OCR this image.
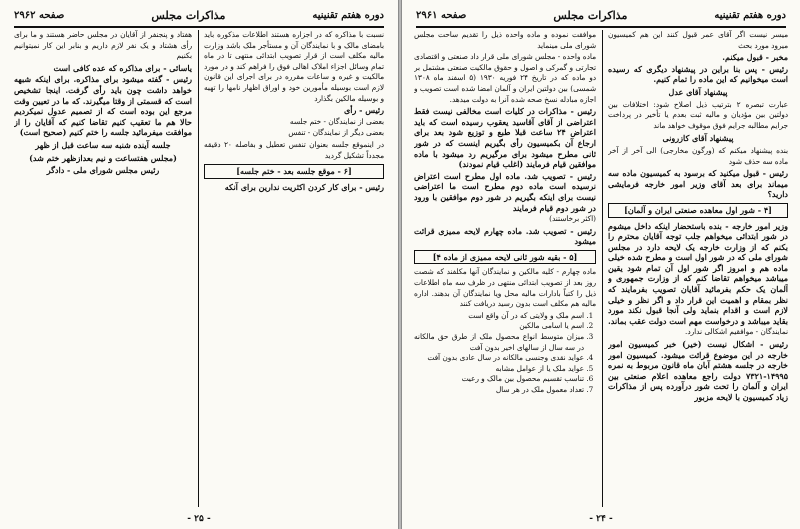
دوره هفتم تقنینیه
مذاکرات مجلس
صفحه ۲۹۶۲

نسبت با مذاکره که در اجزاره هستند اطلاعات مذکوره باید بامضای مالک و با نمایندگان آن و مستأجر ملک باشد وزارت مالیه مکلف است از قرار تصویب ابتدائی منتهی تا در ماه تمام وسائل اجزاء املاک اهالی فوق را فراهم کند و در مورد مالکیت و غیره و ساعات مقرره در برای اجرای این قانون لازم است بوسیله مأمورین خود و اوراق اظهار نامها را تهیه و بوسیله مالکین بگذارد

رئیس - رأی

بعضی از نمایندگان - ختم جلسه

بعضی دیگر از نمایندگان - تنفس

در اینموقع جلسه بعنوان تنفس تعطیل و بفاصله ۲۰ دقیقه مجدداً تشکیل گردید

[۶ - موقع جلسه بعد - ختم جلسه]

رئیس - برای کار کردن اکثریت ندارین برای آنکه

هفتاد و پنجنفر از آقایان در مجلس حاضر هستند و ما برای رأی هشتاد و یک نفر لازم داریم و بنابر این کار نمیتوانیم بکنیم

یاسائی - برای مذاکره که عده کافی است

رئیس - گفته میشود برای مذاکره. برای اینکه شبهه خواهد داشت چون باید رأی گرفت. اینجا تشخیص است که قسمتی از وقتا میگیرند. که ما در تعیین وقت مرجع این بوده است که از تصمیم عدول نمیکردیم حالا هم ما تعقیب کنیم تقاضا کنیم که آقایان را از موافقت میفرمائید جلسه را ختم کنیم (صحیح است)

جلسه آینده شنبه سه ساعت قبل از ظهر

(مجلس هفتساعت و نیم بعدازظهر ختم شد)

رئیس مجلس شورای ملی - دادگر

- ۲۵ -
دوره هفتم تقنینیه
مذاکرات مجلس
صفحه ۲۹۶۱

میسر نیست اگر آقای عمر قبول کنند این هم کمیسیون میرود مورد بحث

مخبر - قبول میکنم.

رئیس - پس بنا براین در پیشنهاد دیگری که رسیده است میخوانیم که این ماده را تمام کنیم.

پیشنهاد آقای عدل

عبارت تبصره ۲ بترتیب ذیل اصلاح شود: اختلافات بین دولتین بین مؤدیان و مالیه ثبت بعدم یا تأخیر در پرداخت جرایم مطالبه جرایم فوق موقوف خواهد ماند

پیشنهاد آقای کازرونی

بنده پیشنهاد میکنم که (ورگون مخارجی) الی آخر از آخر ماده سه حذف شود

رئیس - قبول میکنید که برسود به کمیسیون ماده سه میماند برای بعد آقای وزیر امور خارجه فرمایشی دارید؟

[۴ - شور اول معاهده صنعتی ایران و آلمان]

وزیر امور خارجه - بنده باستحضار اینکه داخل میشوم در شور ابتدائی میخواهم جلب توجه آقایان محترم را بکنم که از وزارت خارجه یک لایحه دارد در مجلس شورای ملی که در شور اول است و مطرح شده خیلی ماده هم و امروز اگر شور اول آن تمام شود یقین میباشد میخواهم تقاضا کنم که از وزارت جمهوری و آلمان یک حکم بفرمائید آقایان تصویب بفرمایند که نظر بمقام و اهمیت این قرار داد و اگر نظر و خیلی لازم است و اقدام بنماید ولی آنجا قبول نکند مورد بقاید میباشد و درخواست مهم است دولت عقب بماند.

نمایندگان - موافقیم اشکالی ندارد.

رئیس - اشکال نیست (خیر) خبر کمیسیون امور خارجه در این موضوع قرائت میشود. کمیسیون امور خارجه در جلسه هشتم آبان ماه قانون مربوط به نمره ۱۴۹۹۵-۷۳۲۱ دولت راجع معاهده اعلام صنعتی بین ایران و آلمان را تحت شور درآورده پس از مذاکرات زیاد کمیسیون با لایحه مزبور

موافقت نموده و ماده واحده ذیل را تقدیم ساحت مجلس شورای ملی مینماید

ماده واحده - مجلس شورای ملی قرار داد صنعتی و اقتصادی تجارتی و گمرکی و اصول و حقوق مالکیت صنعتی مشتمل بر دو ماده که در تاریخ ۲۴ فوریه ۱۹۳۰ (۵ اسفند ماه ۱۳۰۸ شمسی) بین دولتین ایران و آلمان امضا شده است تصویب و اجازه مبادله نسخ صحه شده آنرا به دولت میدهد.

رئیس - مذاکرات در کلیات است مخالفی نیست فقط اعتراضی از آقای آقاسید یعقوب رسیده است که باید اعتراض ۲۴ ساعت قبلا طبع و توزیع شود بعد برای ارجاع آن بکمیسیون رأی بگیریم اینست که در شور ثانی مطرح میشود برای مرگیریم رد میشود با ماده موافقین قیام فرمایند (اغلب قیام نمودند)

رئیس - تصویب شد. ماده اول مطرح است اعتراض نرسیده است ماده دوم مطرح است ما اعتراضی نیست برای اینکه بگیریم در شور دوم موافقین با ورود در شور دوم قیام فرمایند

(اکثر برخاستند)

رئیس - تصویب شد. ماده چهارم لایحه ممیزی قرائت میشود

[۵ - بقیه شور ثانی لایحه ممیزی از ماده ۴]

ماده چهارم - کلیه مالکین و نمایندگان آنها مکلفند که شصت روز بعد از تصویب ابتدائی منتهی در ظرف سه ماه اطلاعات ذیل را کتباً بادارات مالیه محل ویا نمایندگان آن بدهند. اداره مالیه هم مکلف است بدون رسید دریافت کنند

1. اسم ملک و ولایتی که در آن واقع است
2. اسم یا اسامی مالکین
3. میزان متوسط انواع محصول ملک از طرق حق مالکانه در سه سال از سالهای اخیر بدون آفت
4. عواید نقدی وجنسی مالکانه در سال عادی بدون آفت
5. عواید ملک یا از عوامل مشابه
6. تناسب تقسیم محصول بین مالک و رعیت
7. تعداد معمول ملک در هر سال
- ۲۴ -
